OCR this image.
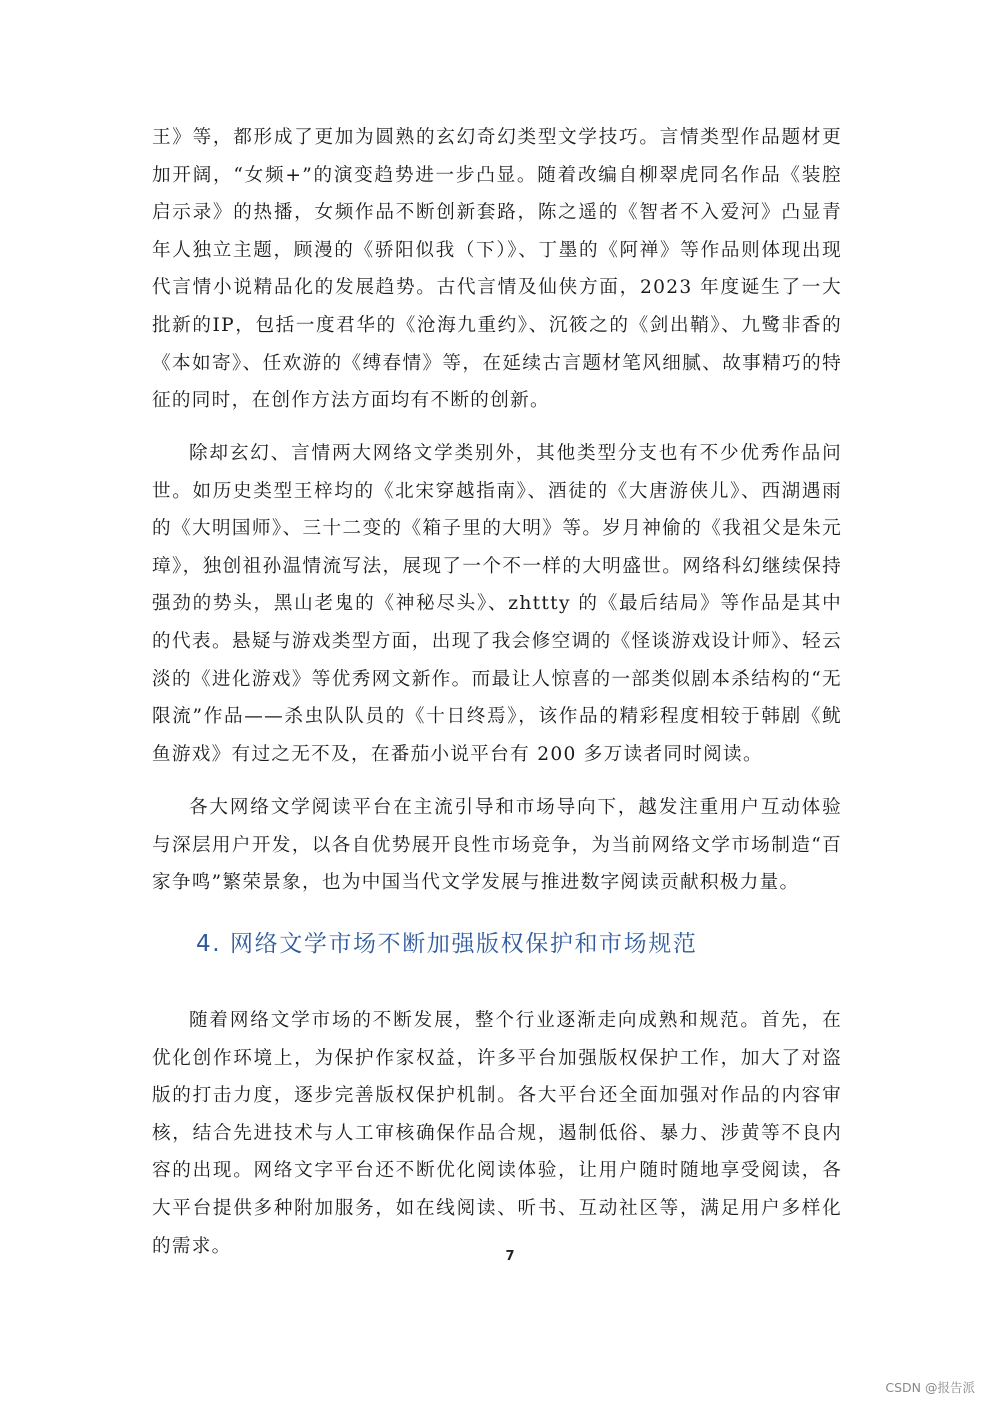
王》等，都形成了更加为圆熟的玄幻奇幻类型文学技巧。言情类型作品题材更加开阔，“女频+”的演变趋势进一步凸显。随着改编自柳翠虎同名作品《装腔启示录》的热播，女频作品不断创新套路，陈之遥的《智者不入爱河》凸显青年人独立主题，顾漫的《骄阳似我（下）》、丁墨的《阿禅》等作品则体现出现代言情小说精品化的发展趋势。古代言情及仙侠方面，2023 年度诞生了一大批新的IP，包括一度君华的《沧海九重约》、沉筱之的《剑出鞘》、九鹭非香的《本如寄》、任欢游的《缚春情》等，在延续古言题材笔风细腻、故事精巧的特征的同时，在创作方法方面均有不断的创新。

除却玄幻、言情两大网络文学类别外，其他类型分支也有不少优秀作品问世。如历史类型王梓均的《北宋穿越指南》、酒徒的《大唐游侠儿》、西湖遇雨的《大明国师》、三十二变的《箱子里的大明》等。岁月神偷的《我祖父是朱元璋》，独创祖孙温情流写法，展现了一个不一样的大明盛世。网络科幻继续保持强劲的势头，黑山老鬼的《神秘尽头》、zhttty 的《最后结局》等作品是其中的代表。悬疑与游戏类型方面，出现了我会修空调的《怪谈游戏设计师》、轻云淡的《进化游戏》等优秀网文新作。而最让人惊喜的一部类似剧本杀结构的“无限流”作品——杀虫队队员的《十日终焉》，该作品的精彩程度相较于韩剧《鱿鱼游戏》有过之无不及，在番茄小说平台有 200 多万读者同时阅读。

各大网络文学阅读平台在主流引导和市场导向下，越发注重用户互动体验与深层用户开发，以各自优势展开良性市场竞争，为当前网络文学市场制造“百家争鸣”繁荣景象，也为中国当代文学发展与推进数字阅读贡献积极力量。

4. 网络文学市场不断加强版权保护和市场规范

随着网络文学市场的不断发展，整个行业逐渐走向成熟和规范。首先，在优化创作环境上，为保护作家权益，许多平台加强版权保护工作，加大了对盗版的打击力度，逐步完善版权保护机制。各大平台还全面加强对作品的内容审核，结合先进技术与人工审核确保作品合规，遏制低俗、暴力、涉黄等不良内容的出现。网络文字平台还不断优化阅读体验，让用户随时随地享受阅读，各大平台提供多种附加服务，如在线阅读、听书、互动社区等，满足用户多样化的需求。	7
CSDN @报告派
